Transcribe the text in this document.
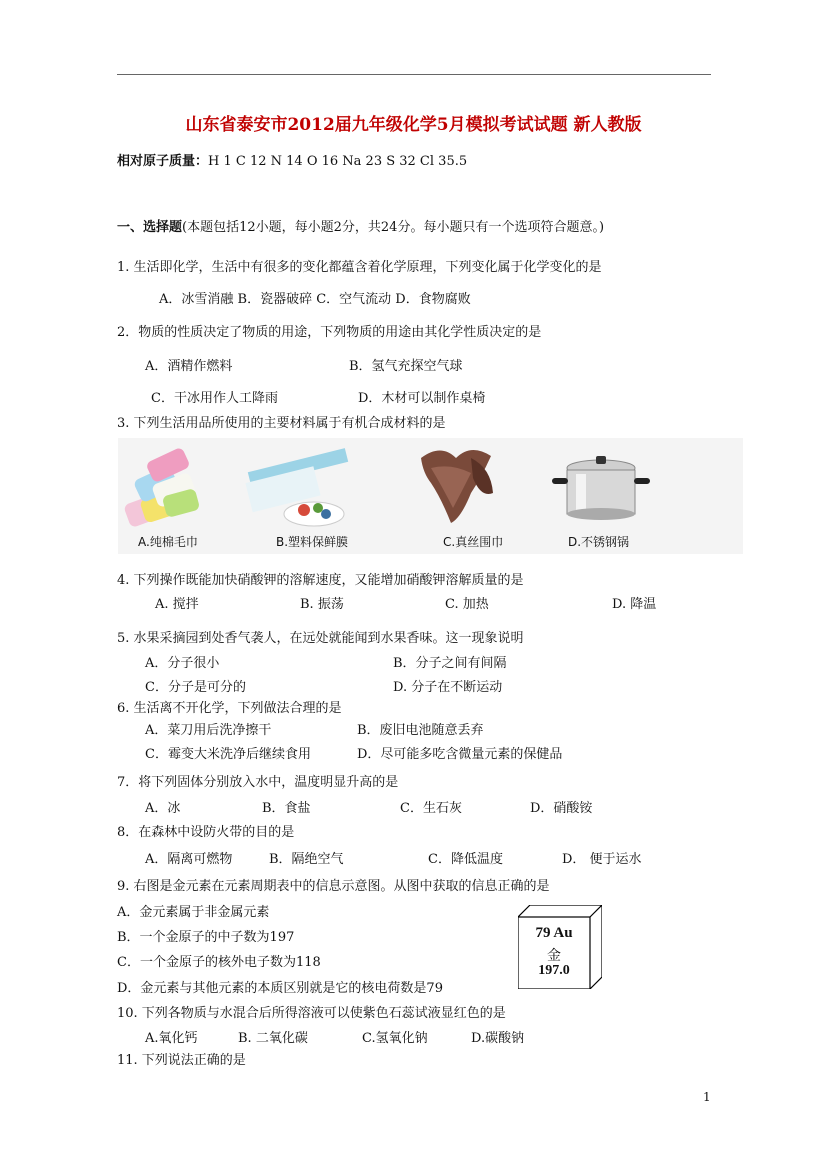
山东省泰安市2012届九年级化学5月模拟考试试题 新人教版
相对原子质量：H 1 C 12 N 14 O 16 Na 23 S 32 Cl 35.5
一、选择题(本题包括12小题，每小题2分，共24分。每小题只有一个选项符合题意。)
1. 生活即化学，生活中有很多的变化都蕴含着化学原理，下列变化属于化学变化的是
A．冰雪消融 B．瓷器破碎 C．空气流动 D．食物腐败
2．物质的性质决定了物质的用途，下列物质的用途由其化学性质决定的是
A．酒精作燃料	B．氢气充探空气球
C．干冰用作人工降雨	D．木材可以制作桌椅
3. 下列生活用品所使用的主要材料属于有机合成材料的是
A.纯棉毛巾	B.塑料保鲜膜	C.真丝围巾	D.不锈钢锅
4. 下列操作既能加快硝酸钾的溶解速度，又能增加硝酸钾溶解质量的是
A. 搅拌	B. 振荡	C. 加热	D. 降温
5. 水果采摘园到处香气袭人，在远处就能闻到水果香味。这一现象说明
A．分子很小	B．分子之间有间隔
C．分子是可分的	D. 分子在不断运动
6. 生活离不开化学，下列做法合理的是
A．菜刀用后洗净擦干	B．废旧电池随意丢弃
C．霉变大米洗净后继续食用	D．尽可能多吃含微量元素的保健品
7．将下列固体分别放入水中，温度明显升高的是
A．冰	B．食盐	C．生石灰	D．硝酸铵
8．在森林中设防火带的目的是
A．隔离可燃物	B．隔绝空气	C．降低温度	D． 便于运水
9. 右图是金元素在元素周期表中的信息示意图。从图中获取的信息正确的是
A．金元素属于非金属元素
B．一个金原子的中子数为197
C．一个金原子的核外电子数为118
D．金元素与其他元素的本质区别就是它的核电荷数是79
79 Au
金
197.0
10. 下列各物质与水混合后所得溶液可以使紫色石蕊试液显红色的是
A.氧化钙	B. 二氧化碳	C.氢氧化钠	D.碳酸钠
11. 下列说法正确的是
1
